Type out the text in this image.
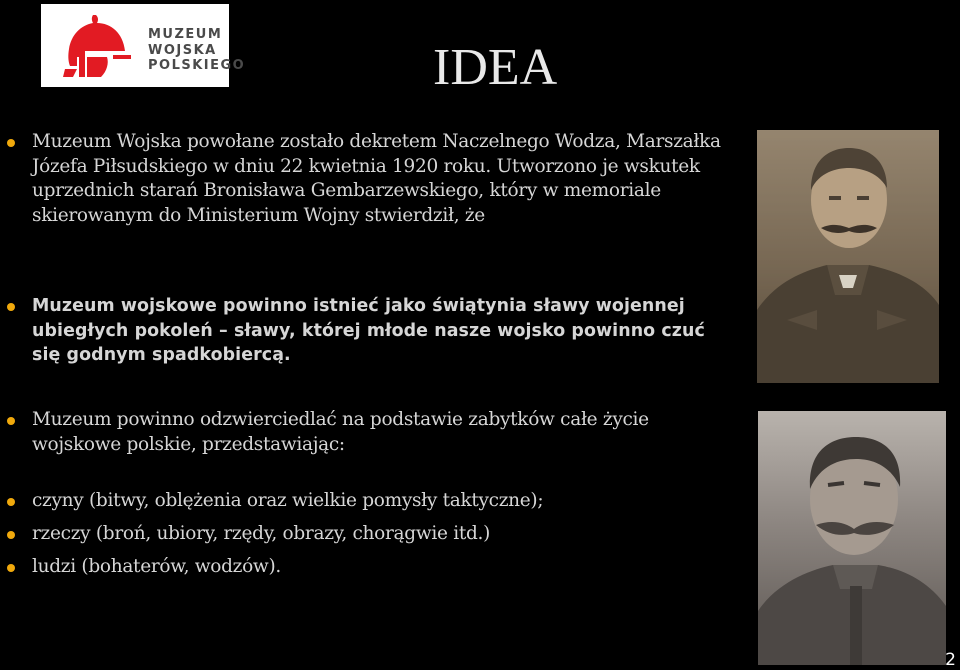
MUZEUM
WOJSKA
POLSKIEGO	IDEA
Muzeum Wojska powołane zostało dekretem Naczelnego Wodza, Marszałka Józefa Piłsudskiego w dniu 22 kwietnia 1920 roku. Utworzono je wskutek uprzednich starań Bronisława Gembarzewskiego, który w memoriale skierowanym do Ministerium Wojny stwierdził, że
Muzeum wojskowe powinno istnieć jako świątynia sławy wojennej ubiegłych pokoleń – sławy, której młode nasze wojsko powinno czuć się godnym spadkobiercą.
Muzeum powinno odzwierciedlać na podstawie zabytków całe życie wojskowe polskie, przedstawiając:
czyny (bitwy, oblężenia oraz wielkie pomysły taktyczne);
rzeczy (broń, ubiory, rzędy, obrazy, chorągwie itd.)
ludzi (bohaterów, wodzów).
2
